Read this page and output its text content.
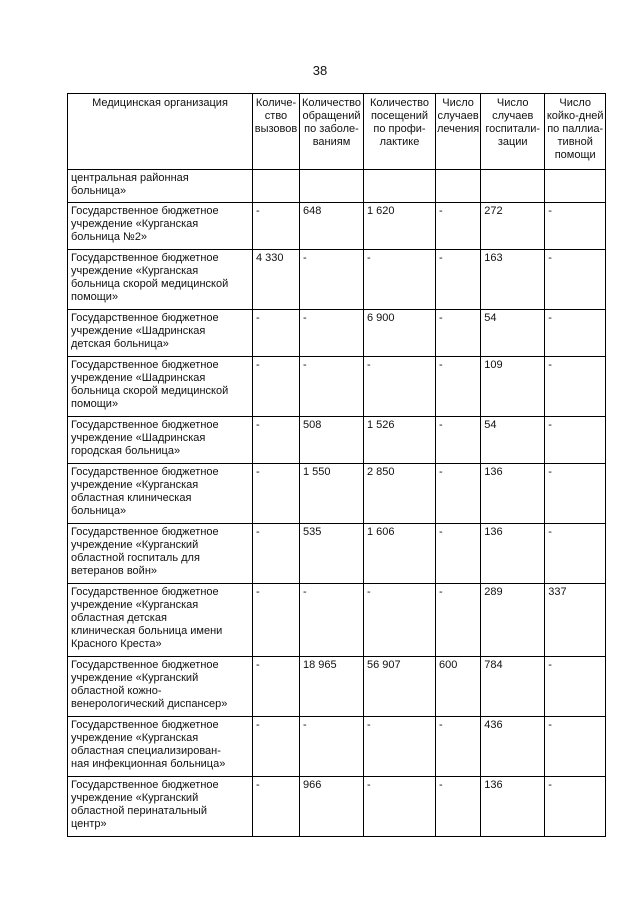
38
Медицинская организация	Количе-
ство
вызовов	Количество
обращений
по заболе-
ваниям	Количество
посещений
по профи-
лактике	Число
случаев
лечения	Число
случаев
госпитали-
зации	Число
койко-дней
по паллиа-
тивной
помощи
центральная районная
больница»						
Государственное бюджетное
учреждение «Курганская
больница №2»	-	648	1 620	-	272	-
Государственное бюджетное
учреждение «Курганская
больница скорой медицинской
помощи»	4 330	-	-	-	163	-
Государственное бюджетное
учреждение «Шадринская
детская больница»	-	-	6 900	-	54	-
Государственное бюджетное
учреждение «Шадринская
больница скорой медицинской
помощи»	-	-	-	-	109	-
Государственное бюджетное
учреждение «Шадринская
городская больница»	-	508	1 526	-	54	-
Государственное бюджетное
учреждение «Курганская
областная клиническая
больница»	-	1 550	2 850	-	136	-
Государственное бюджетное
учреждение «Курганский
областной госпиталь для
ветеранов войн»	-	535	1 606	-	136	-
Государственное бюджетное
учреждение «Курганская
областная детская
клиническая больница имени
Красного Креста»	-	-	-	-	289	337
Государственное бюджетное
учреждение «Курганский
областной кожно-
венерологический диспансер»	-	18 965	56 907	600	784	-
Государственное бюджетное
учреждение «Курганская
областная специализирован-
ная инфекционная больница»	-	-	-	-	436	-
Государственное бюджетное
учреждение «Курганский
областной перинатальный
центр»	-	966	-	-	136	-
